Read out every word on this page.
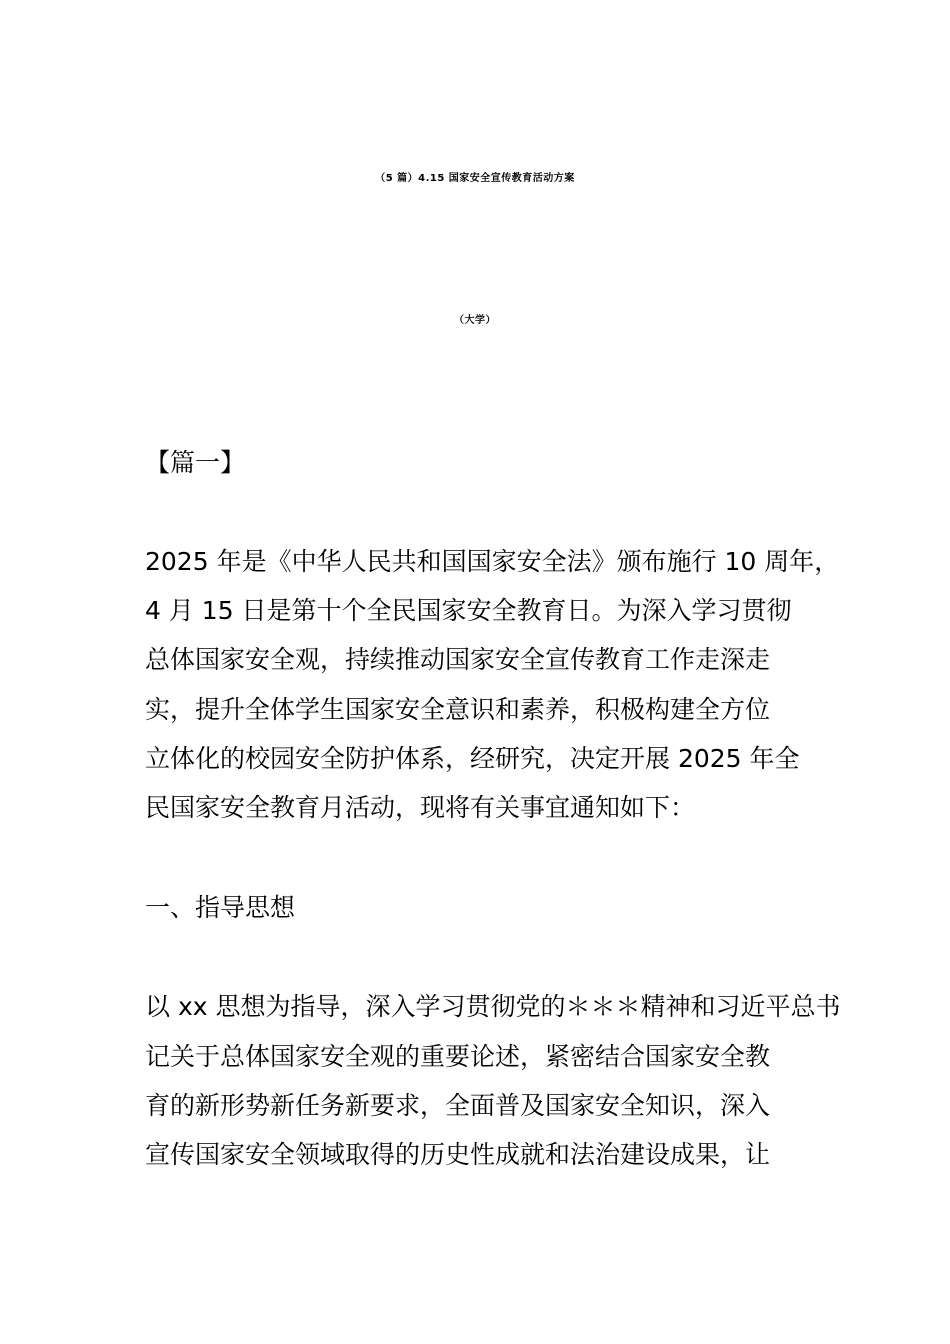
（5 篇）4.15 国家安全宣传教育活动方案
（大学）
【篇一】
2025 年是《中华人民共和国国家安全法》颁布施行 10 周年，
4 月 15 日是第十个全民国家安全教育日。为深入学习贯彻
总体国家安全观，持续推动国家安全宣传教育工作走深走
实，提升全体学生国家安全意识和素养，积极构建全方位
立体化的校园安全防护体系，经研究，决定开展 2025 年全
民国家安全教育月活动，现将有关事宜通知如下：
一、指导思想
以 xx 思想为指导，深入学习贯彻党的＊＊＊精神和习近平总书
记关于总体国家安全观的重要论述，紧密结合国家安全教
育的新形势新任务新要求，全面普及国家安全知识，深入
宣传国家安全领域取得的历史性成就和法治建设成果，让
